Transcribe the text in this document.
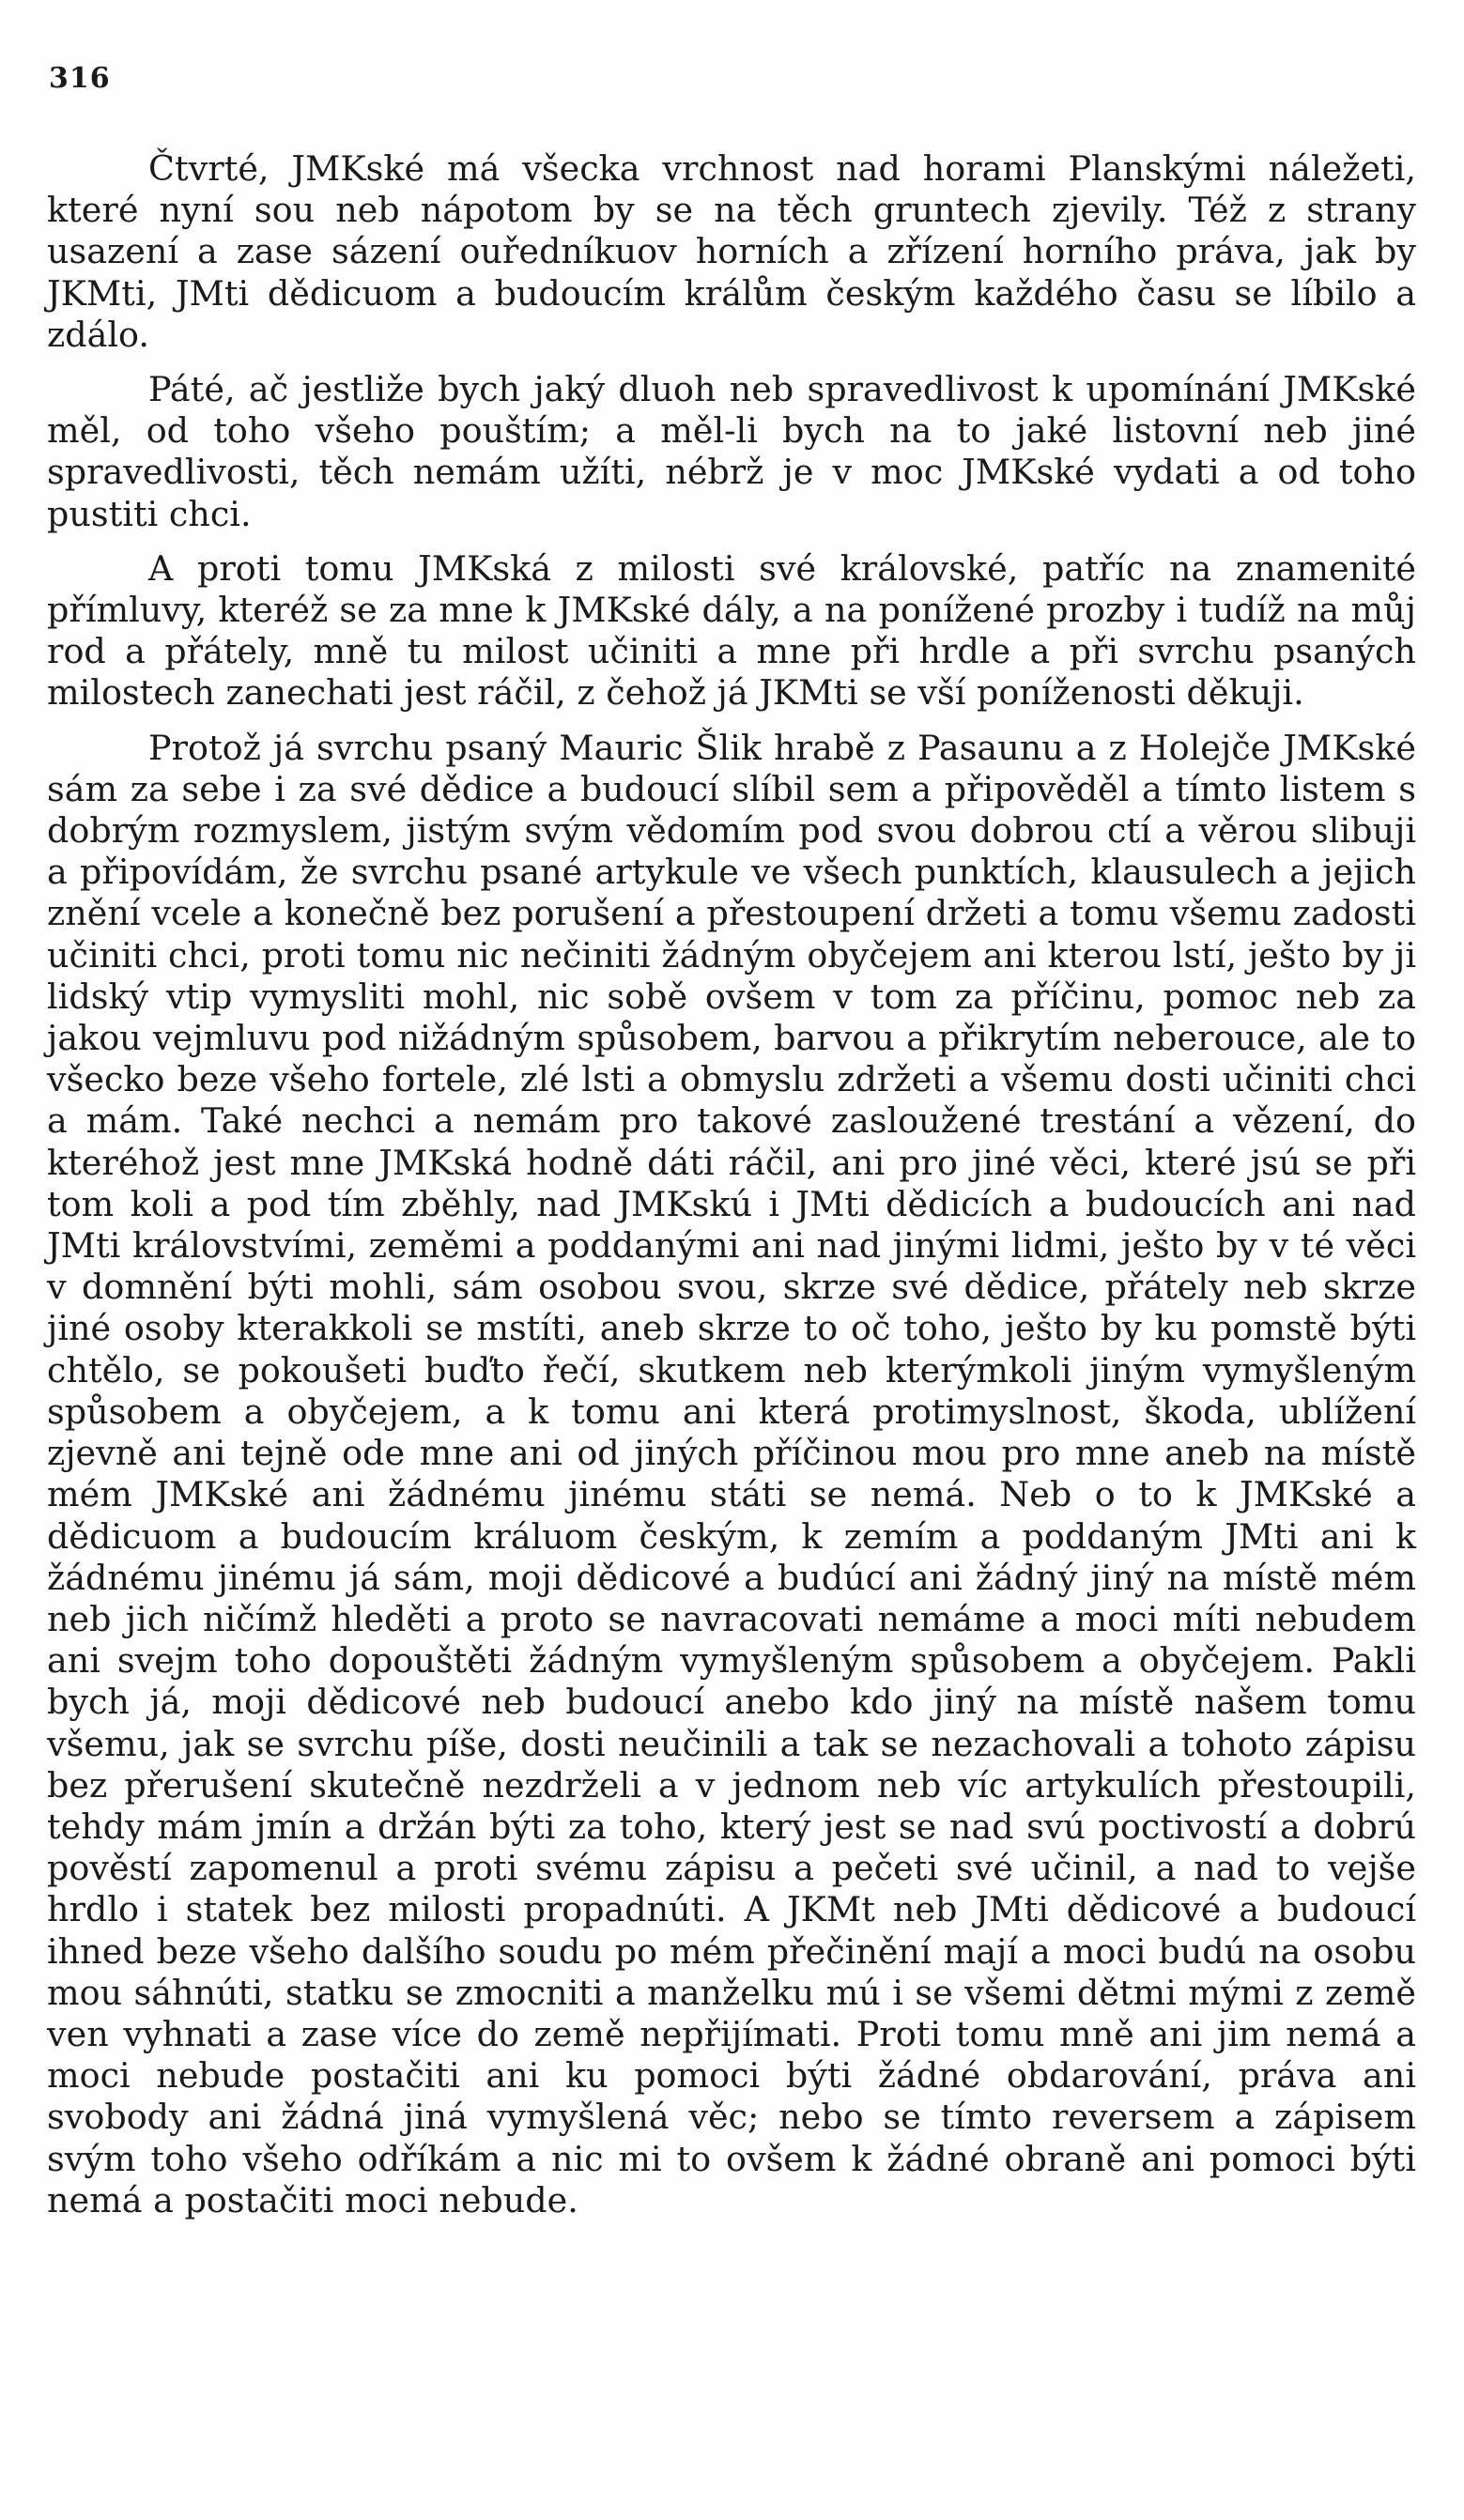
316

Čtvrté, JMKské má všecka vrchnost nad horami Planskými náležeti, které nyní sou neb nápotom by se na těch gruntech zjevily. Též z strany usazení a zase sázení ouředníkuov horních a zřízení horního práva, jak by JKMti, JMti dědicuom a budoucím králům českým každého času se líbilo a zdálo.

Páté, ač jestliže bych jaký dluoh neb spravedlivost k upomínání JMKské měl, od toho všeho pouštím; a měl-li bych na to jaké listovní neb jiné spravedlivosti, těch nemám užíti, nébrž je v moc JMKské vydati a od toho pustiti chci.

A proti tomu JMKská z milosti své královské, patříc na znamenité přímluvy, kteréž se za mne k JMKské dály, a na ponížené prozby i tudíž na můj rod a přátely, mně tu milost učiniti a mne při hrdle a při svrchu psaných milostech zanechati jest ráčil, z čehož já JKMti se vší poníženosti děkuji.

Protož já svrchu psaný Mauric Šlik hrabě z Pasaunu a z Holejče JMKské sám za sebe i za své dědice a budoucí slíbil sem a připověděl a tímto listem s dobrým rozmyslem, jistým svým vědomím pod svou dobrou ctí a věrou slibuji a připovídám, že svrchu psané artykule ve všech punktích, klausulech a jejich znění vcele a konečně bez porušení a přestoupení držeti a tomu všemu zadosti učiniti chci, proti tomu nic nečiniti žádným obyčejem ani kterou lstí, ješto by ji lidský vtip vymysliti mohl, nic sobě ovšem v tom za příčinu, pomoc neb za jakou vejmluvu pod nižádným spůsobem, barvou a přikrytím neberouce, ale to všecko beze všeho fortele, zlé lsti a obmyslu zdržeti a všemu dosti učiniti chci a mám. Také nechci a nemám pro takové zasloužené trestání a vězení, do kteréhož jest mne JMKská hodně dáti ráčil, ani pro jiné věci, které jsú se při tom koli a pod tím zběhly, nad JMKskú i JMti dědicích a budoucích ani nad JMti královstvími, zeměmi a poddanými ani nad jinými lidmi, ješto by v té věci v domnění býti mohli, sám osobou svou, skrze své dědice, přátely neb skrze jiné osoby kterakkoli se mstíti, aneb skrze to oč toho, ješto by ku pomstě býti chtělo, se pokoušeti buďto řečí, skutkem neb kterýmkoli jiným vymyšleným spůsobem a obyčejem, a k tomu ani která protimyslnost, škoda, ublížení zjevně ani tejně ode mne ani od jiných příčinou mou pro mne aneb na místě mém JMKské ani žádnému jinému státi se nemá. Neb o to k JMKské a dědicuom a budoucím králuom českým, k zemím a poddaným JMti ani k žádnému jinému já sám, moji dědicové a budúcí ani žádný jiný na místě mém neb jich ničímž hleděti a proto se navracovati nemáme a moci míti nebudem ani svejm toho dopouštěti žádným vymyšleným spůsobem a obyčejem. Pakli bych já, moji dědicové neb budoucí anebo kdo jiný na místě našem tomu všemu, jak se svrchu píše, dosti neučinili a tak se nezachovali a tohoto zápisu bez přerušení skutečně nezdrželi a v jednom neb víc artykulích přestoupili, tehdy mám jmín a držán býti za toho, který jest se nad svú poctivostí a dobrú pověstí zapomenul a proti svému zápisu a pečeti své učinil, a nad to vejše hrdlo i statek bez milosti propadnúti. A JKMt neb JMti dědicové a budoucí ihned beze všeho dalšího soudu po mém přečinění mají a moci budú na osobu mou sáhnúti, statku se zmocniti a manželku mú i se všemi dětmi mými z země ven vyhnati a zase více do země nepřijímati. Proti tomu mně ani jim nemá a moci nebude postačiti ani ku pomoci býti žádné obdarování, práva ani svobody ani žádná jiná vymyšlená věc; nebo se tímto reversem a zápisem svým toho všeho odříkám a nic mi to ovšem k žádné obraně ani pomoci býti nemá a postačiti moci nebude.
